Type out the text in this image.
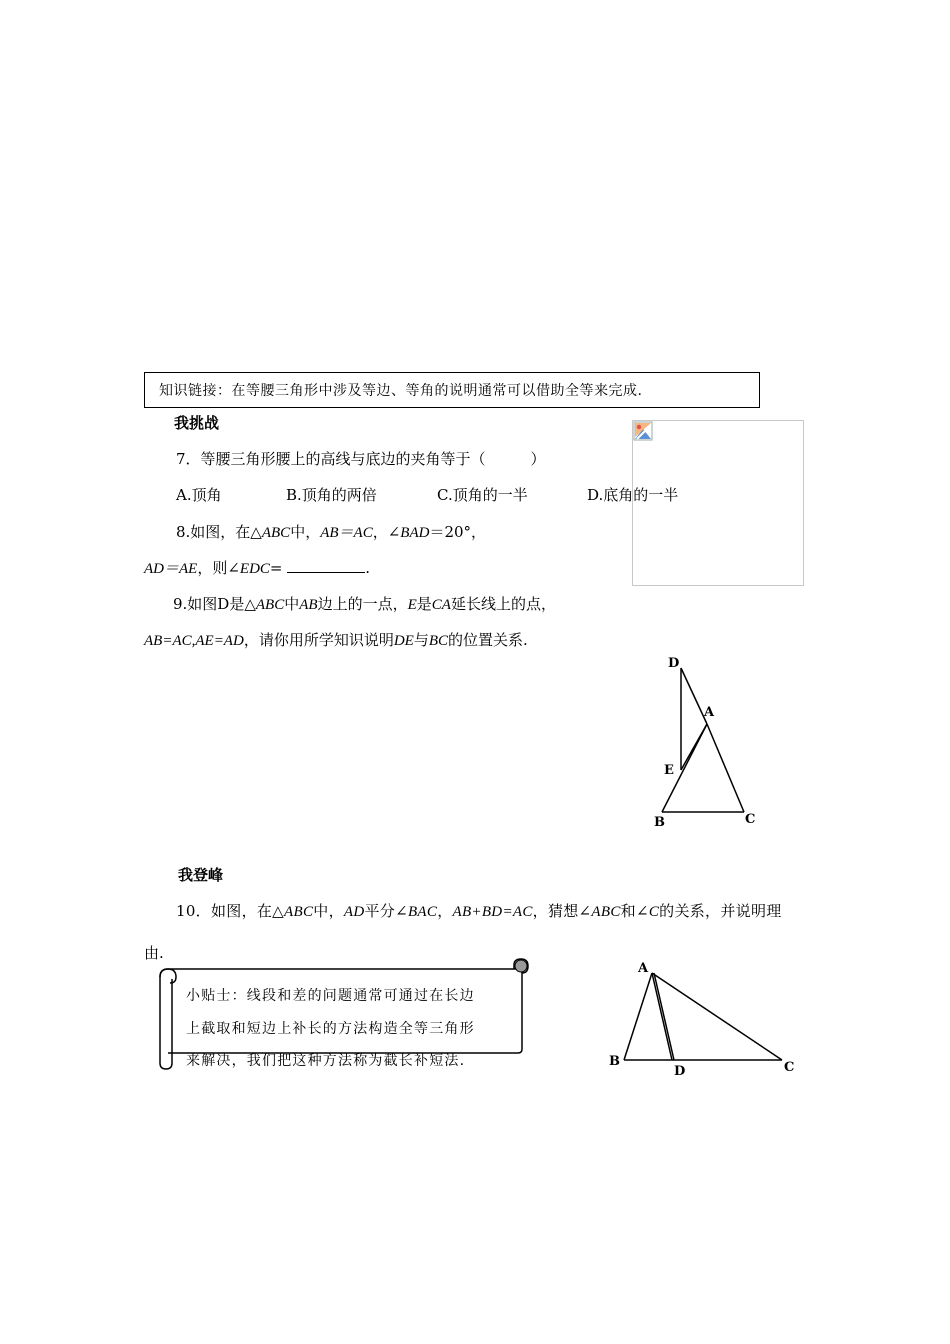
知识链接：在等腰三角形中涉及等边、等角的说明通常可以借助全等来完成.
我挑战
7．等腰三角形腰上的高线与底边的夹角等于（　　　）
A.顶角	B.顶角的两倍	C.顶角的一半	D.底角的一半
8.如图，在△ABC中，AB＝AC，∠BAD＝20°，
AD＝AE，则∠EDC=	.
9.如图D是△ABC中AB边上的一点，E是CA延长线上的点，
AB=AC,AE=AD，请你用所学知识说明DE与BC的位置关系.
D
A
E
B	C
我登峰
10．如图，在△ABC中，AD平分∠BAC，AB+BD=AC，猜想∠ABC和∠C的关系，并说明理
由.
小贴士：线段和差的问题通常可通过在长边
上截取和短边上补长的方法构造全等三角形
来解决，我们把这种方法称为截长补短法.
A
B
D	C
